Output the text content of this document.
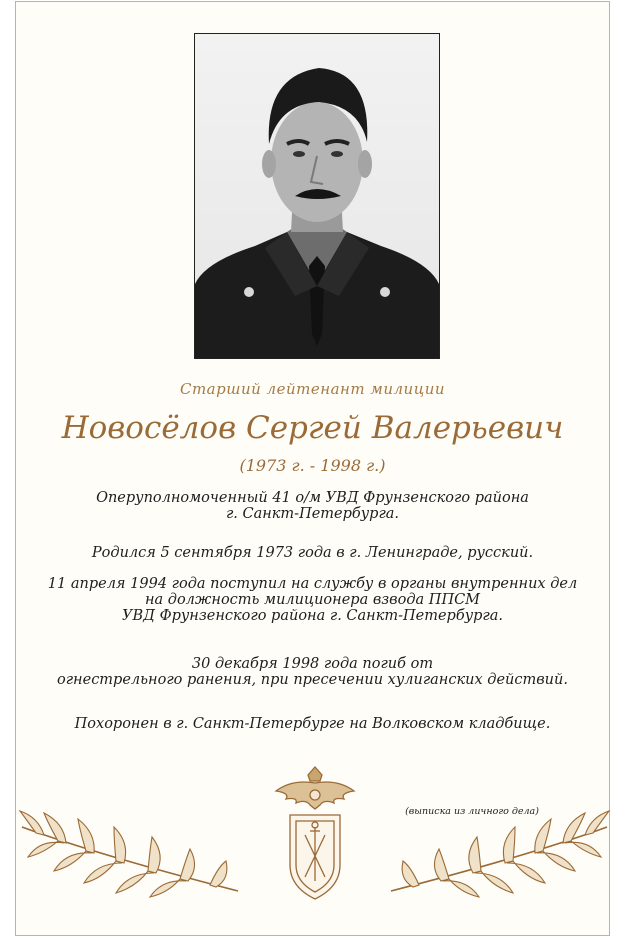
Старший лейтенант милиции
Новосёлов Сергей Валерьевич
(1973 г. - 1998 г.)
Оперуполномоченный 41 о/м УВД Фрунзенского района
г. Санкт-Петербурга.
Родился 5 сентября 1973 года в г. Ленинграде, русский.
11 апреля 1994 года поступил на службу в органы внутренних дел
на должность милиционера взвода ППСМ
УВД Фрунзенского района г. Санкт-Петербурга.
30 декабря 1998 года погиб от
огнестрельного ранения, при пресечении хулиганских действий.
Похоронен в г. Санкт-Петербурге на Волковском кладбище.
(выписка из личного дела)
